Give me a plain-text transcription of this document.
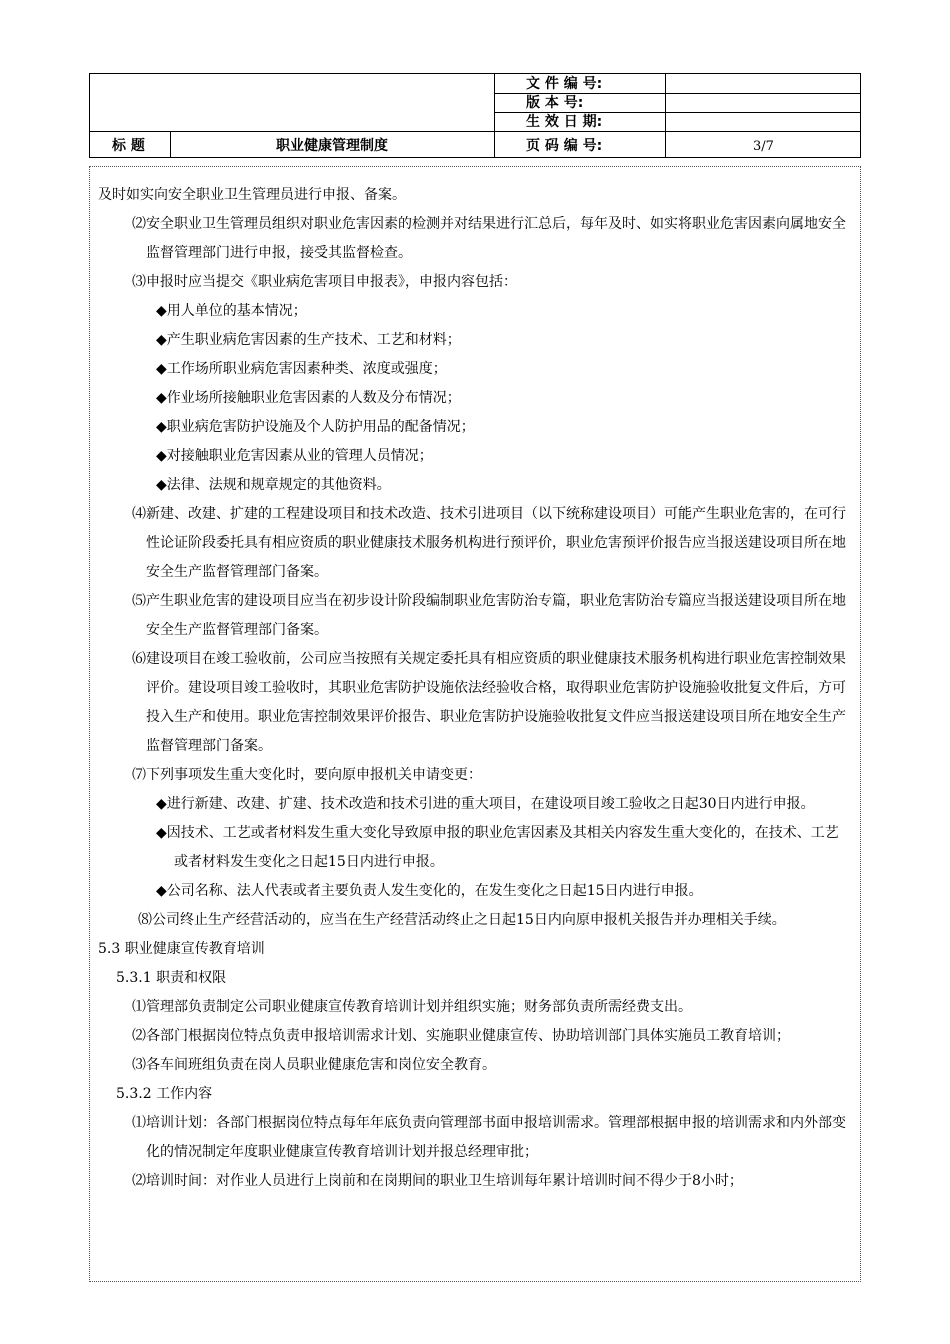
标 题	职业健康管理制度
文 件 编 号:
版 本 号:
生 效 日 期:
页 码 编 号:	3/7

及时如实向安全职业卫生管理员进行申报、备案。

⑵安全职业卫生管理员组织对职业危害因素的检测并对结果进行汇总后，每年及时、如实将职业危害因素向属地安全监督管理部门进行申报，接受其监督检查。

⑶申报时应当提交《职业病危害项目申报表》，申报内容包括：

◆用人单位的基本情况；

◆产生职业病危害因素的生产技术、工艺和材料；

◆工作场所职业病危害因素种类、浓度或强度；

◆作业场所接触职业危害因素的人数及分布情况；

◆职业病危害防护设施及个人防护用品的配备情况；

◆对接触职业危害因素从业的管理人员情况；

◆法律、法规和规章规定的其他资料。

⑷新建、改建、扩建的工程建设项目和技术改造、技术引进项目（以下统称建设项目）可能产生职业危害的，在可行性论证阶段委托具有相应资质的职业健康技术服务机构进行预评价，职业危害预评价报告应当报送建设项目所在地安全生产监督管理部门备案。

⑸产生职业危害的建设项目应当在初步设计阶段编制职业危害防治专篇，职业危害防治专篇应当报送建设项目所在地安全生产监督管理部门备案。

⑹建设项目在竣工验收前，公司应当按照有关规定委托具有相应资质的职业健康技术服务机构进行职业危害控制效果评价。建设项目竣工验收时，其职业危害防护设施依法经验收合格，取得职业危害防护设施验收批复文件后，方可投入生产和使用。职业危害控制效果评价报告、职业危害防护设施验收批复文件应当报送建设项目所在地安全生产监督管理部门备案。

⑺下列事项发生重大变化时，要向原申报机关申请变更：

◆进行新建、改建、扩建、技术改造和技术引进的重大项目，在建设项目竣工验收之日起30日内进行申报。

◆因技术、工艺或者材料发生重大变化导致原申报的职业危害因素及其相关内容发生重大变化的，在技术、工艺或者材料发生变化之日起15日内进行申报。

◆公司名称、法人代表或者主要负责人发生变化的，在发生变化之日起15日内进行申报。

⑻公司终止生产经营活动的，应当在生产经营活动终止之日起15日内向原申报机关报告并办理相关手续。

5.3 职业健康宣传教育培训

5.3.1 职责和权限

⑴管理部负责制定公司职业健康宣传教育培训计划并组织实施；财务部负责所需经费支出。

⑵各部门根据岗位特点负责申报培训需求计划、实施职业健康宣传、协助培训部门具体实施员工教育培训；

⑶各车间班组负责在岗人员职业健康危害和岗位安全教育。

5.3.2 工作内容

⑴培训计划：各部门根据岗位特点每年年底负责向管理部书面申报培训需求。管理部根据申报的培训需求和内外部变化的情况制定年度职业健康宣传教育培训计划并报总经理审批；

⑵培训时间：对作业人员进行上岗前和在岗期间的职业卫生培训每年累计培训时间不得少于8小时；
